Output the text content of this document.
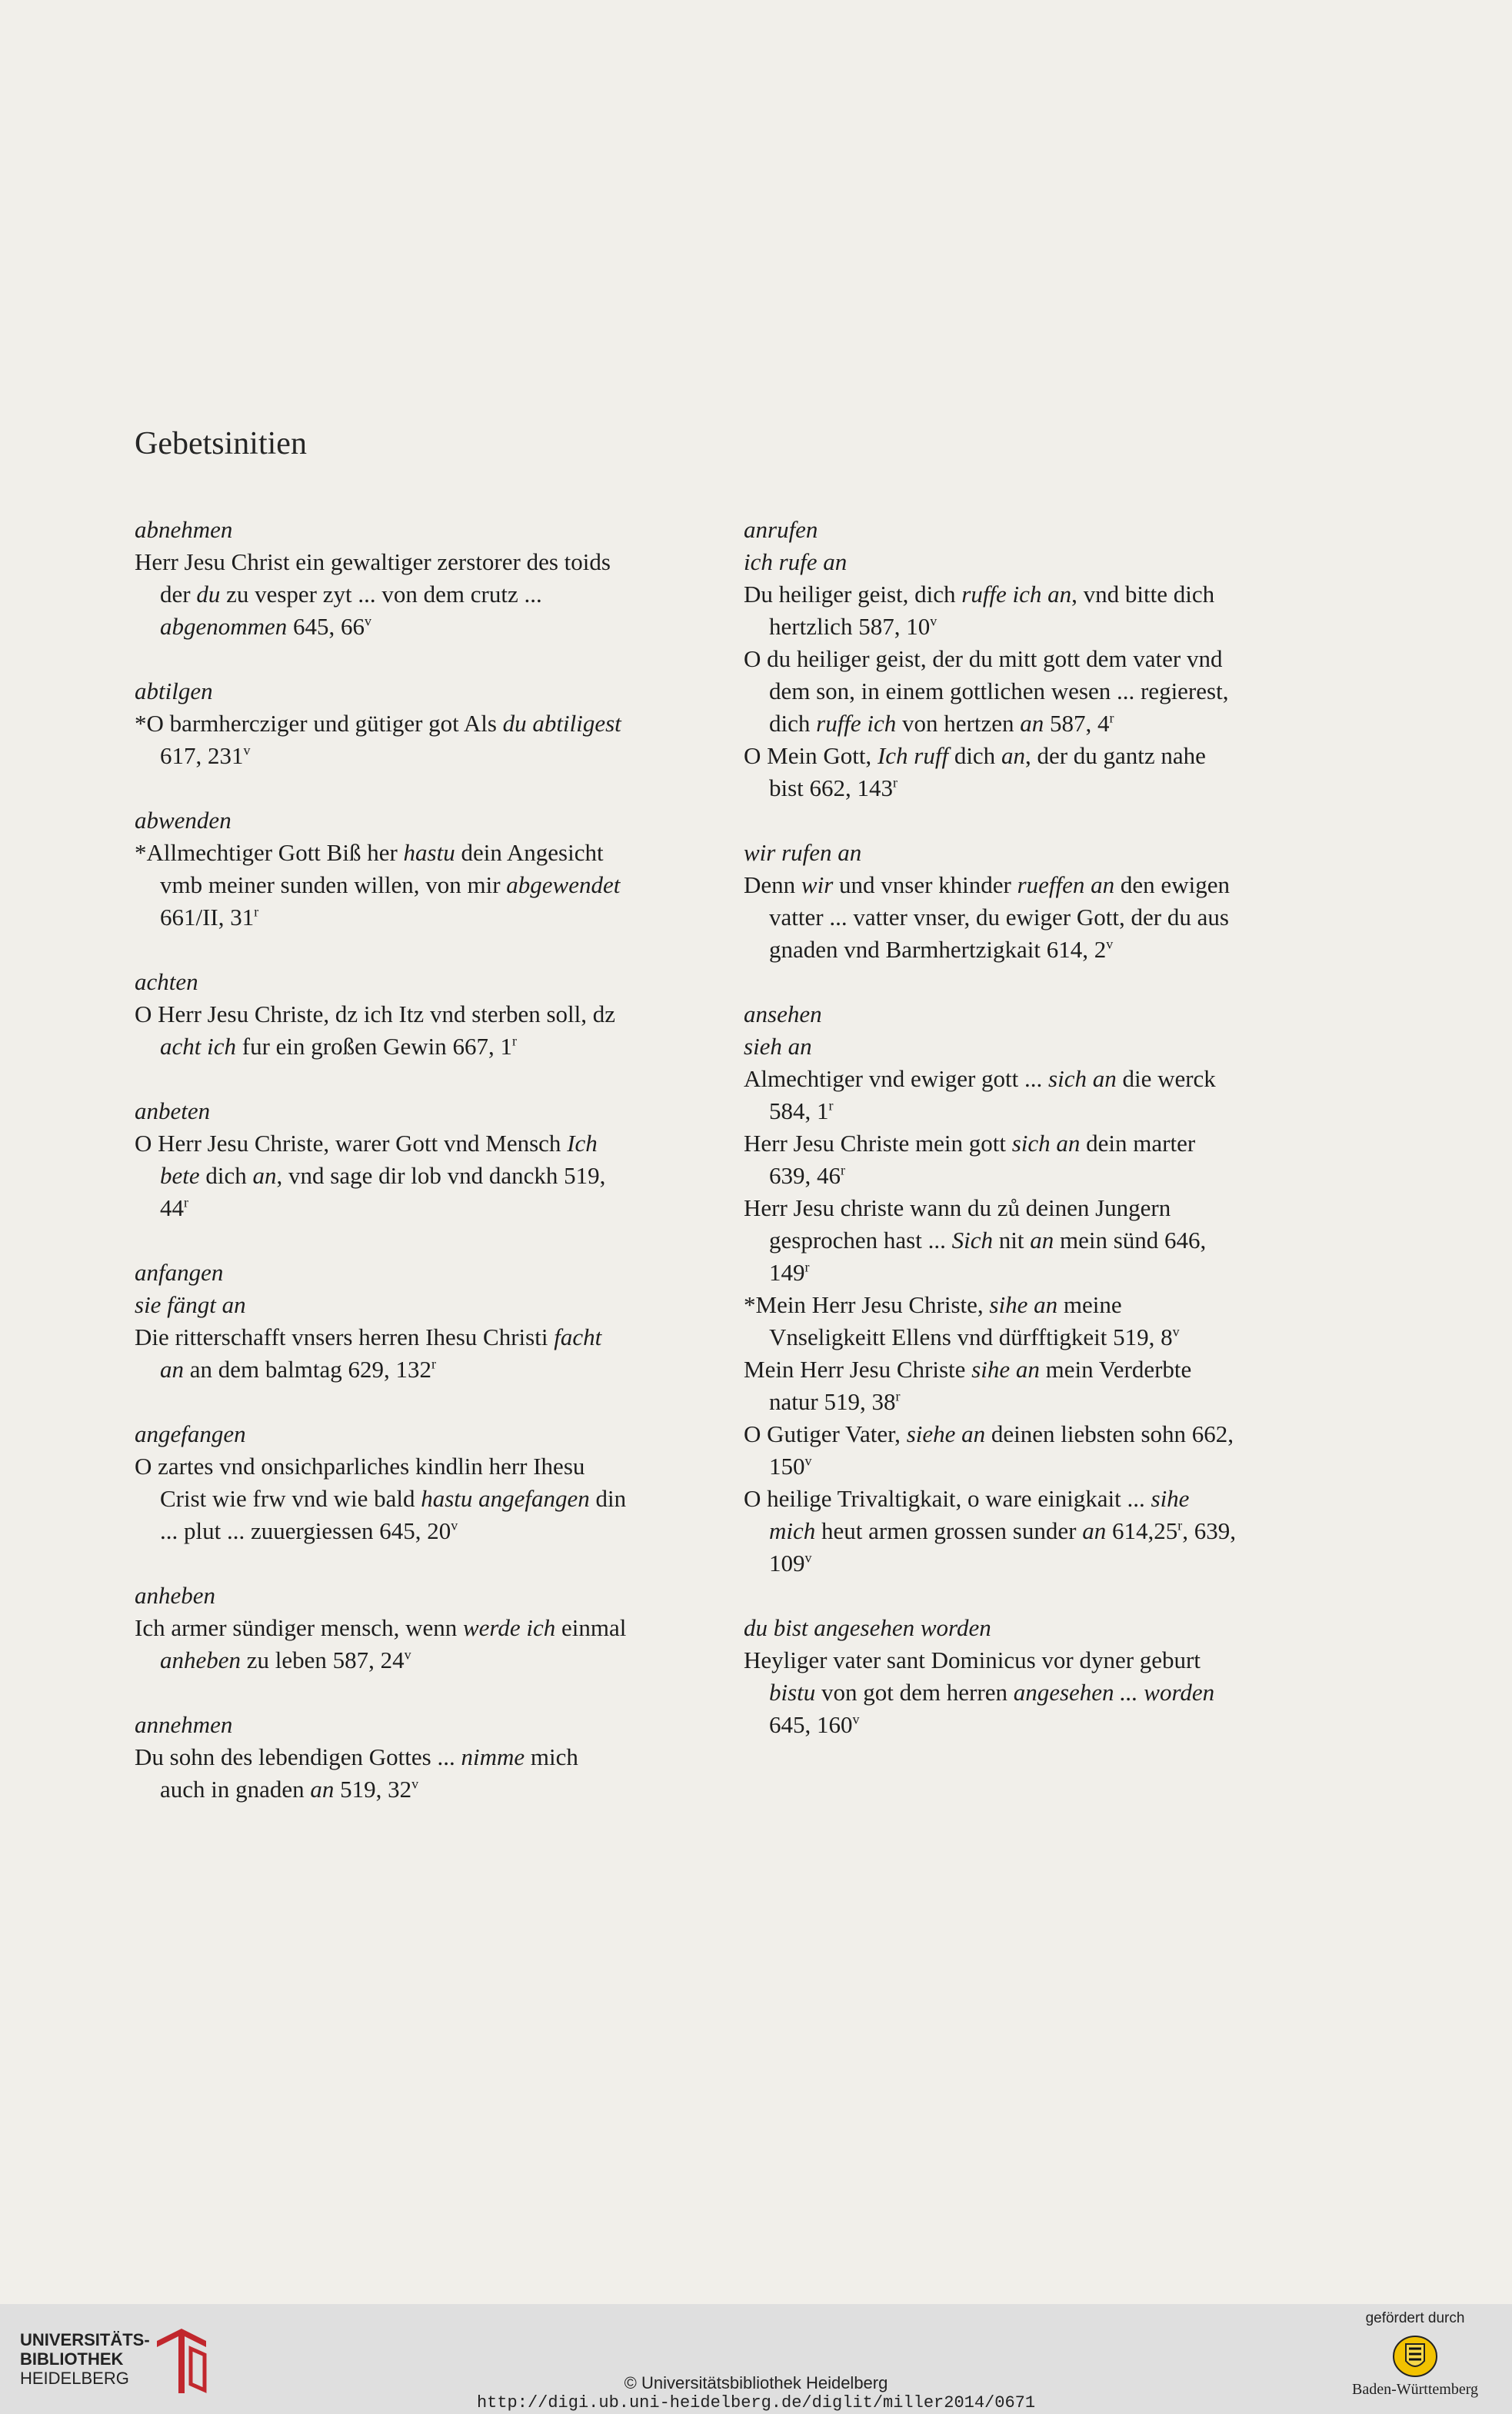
Gebetsinitien

abnehmen

Herr Jesu Christ ein gewaltiger zerstorer des toids der du zu vesper zyt ... von dem crutz ... abgenommen 645, 66$^v$

abtilgen

*O barmhercziger und gütiger got Als du abtiligest 617, 231$^v$

abwenden

*Allmechtiger Gott Biß her hastu dein Angesicht vmb meiner sunden willen, von mir abgewendet 661/II, 31$^r$

achten

O Herr Jesu Christe, dz ich Itz vnd sterben soll, dz acht ich fur ein großen Gewin 667, 1$^r$

anbeten

O Herr Jesu Christe, warer Gott vnd Mensch Ich bete dich an, vnd sage dir lob vnd danckh 519, 44$^r$

anfangen

sie fängt an

Die ritterschafft vnsers herren Ihesu Christi facht an an dem balmtag 629, 132$^r$

angefangen

O zartes vnd onsichparliches kindlin herr Ihesu Crist wie frw vnd wie bald hastu angefangen din ... plut ... zuuergiessen 645, 20$^v$

anheben

Ich armer sündiger mensch, wenn werde ich einmal anheben zu leben 587, 24$^v$

annehmen

Du sohn des lebendigen Gottes ... nimme mich auch in gnaden an 519, 32$^v$

anrufen

ich rufe an

Du heiliger geist, dich ruffe ich an, vnd bitte dich hertzlich 587, 10$^v$

O du heiliger geist, der du mitt gott dem vater vnd dem son, in einem gottlichen wesen ... regierest, dich ruffe ich von hertzen an 587, 4$^r$

O Mein Gott, Ich ruff dich an, der du gantz nahe bist 662, 143$^r$

wir rufen an

Denn wir und vnser khinder rueffen an den ewigen vatter ... vatter vnser, du ewiger Gott, der du aus gnaden vnd Barmhertzigkait 614, 2$^v$

ansehen

sieh an

Almechtiger vnd ewiger gott ... sich an die werck 584, 1$^r$

Herr Jesu Christe mein gott sich an dein marter 639, 46$^r$

Herr Jesu christe wann du zů deinen Jungern gesprochen hast ... Sich nit an mein sünd 646, 149$^r$

*Mein Herr Jesu Christe, sihe an meine Vnseligkeitt Ellens vnd dürfftigkeit 519, 8$^v$

Mein Herr Jesu Christe sihe an mein Verderbte natur 519, 38$^r$

O Gutiger Vater, siehe an deinen liebsten sohn 662, 150$^v$

O heilige Trivaltigkait, o ware einigkait ... sihe mich heut armen grossen sunder an 614,25$^r$, 639, 109$^v$

du bist angesehen worden

Heyliger vater sant Dominicus vor dyner geburt bistu von got dem herren angesehen ... worden 645, 160$^v$

UNIVERSITÄTS-
BIBLIOTHEK
HEIDELBERG	© Universitätsbibliothek Heidelberg
http://digi.ub.uni-heidelberg.de/diglit/miller2014/0671
gefördert durch
Baden-Württemberg
